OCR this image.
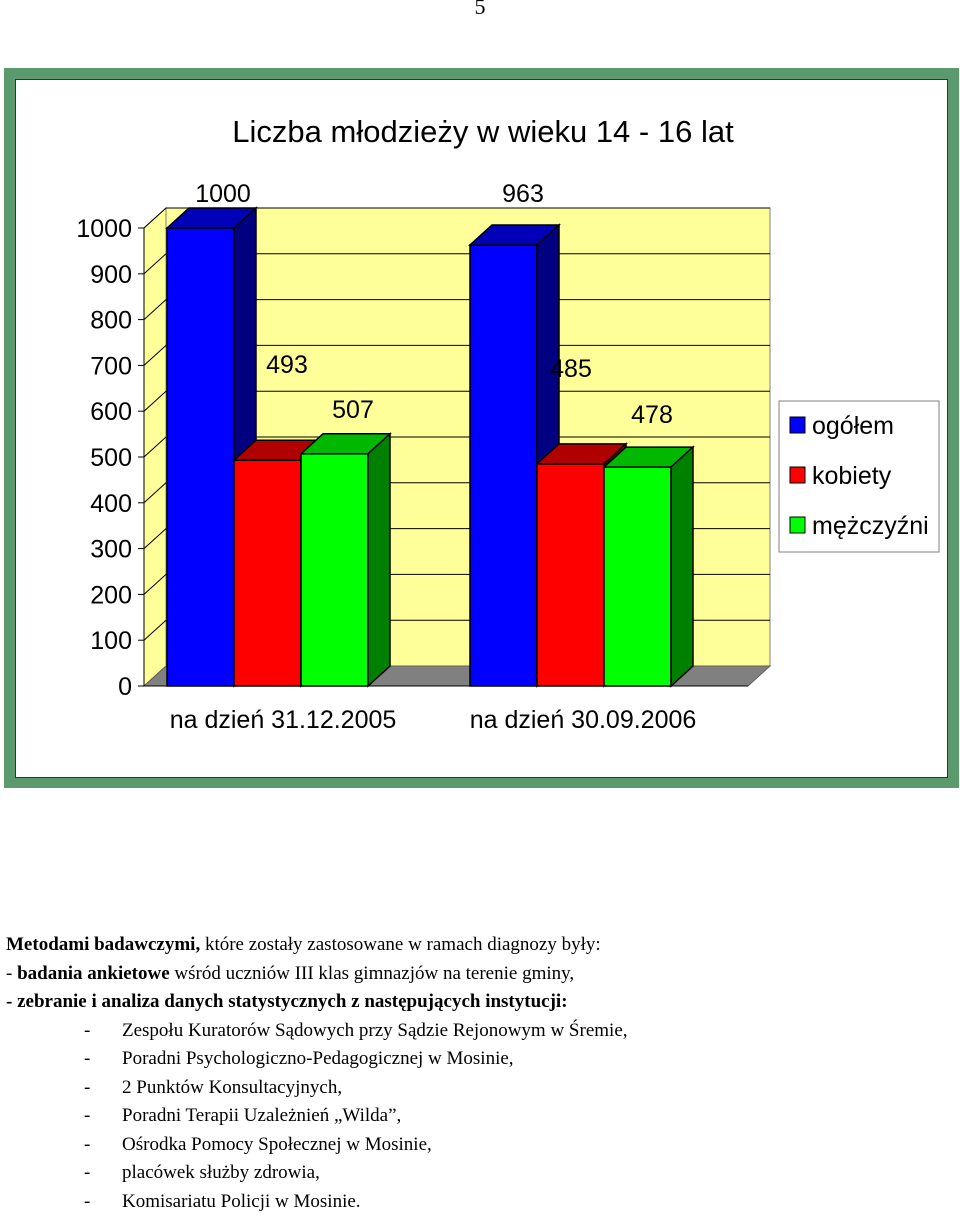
5
Liczba młodzieży w wieku 14 - 16 lat
0
100
200
300
400
500
600
700
800
900
1000
1000	963
493	485
507	478
na dzień 31.12.2005	na dzień 30.09.2006
ogółem
kobiety
mężczyźni
Metodami badawczymi, które zostały zastosowane w ramach diagnozy były:
- badania ankietowe wśród uczniów III klas gimnazjów na terenie gminy,
- zebranie i analiza danych statystycznych z następujących instytucji:
- Zespołu Kuratorów Sądowych przy Sądzie Rejonowym w Śremie,
- Poradni Psychologiczno-Pedagogicznej w Mosinie,
- 2 Punktów Konsultacyjnych,
- Poradni Terapii Uzależnień „Wilda”,
- Ośrodka Pomocy Społecznej w Mosinie,
- placówek służby zdrowia,
- Komisariatu Policji w Mosinie.
